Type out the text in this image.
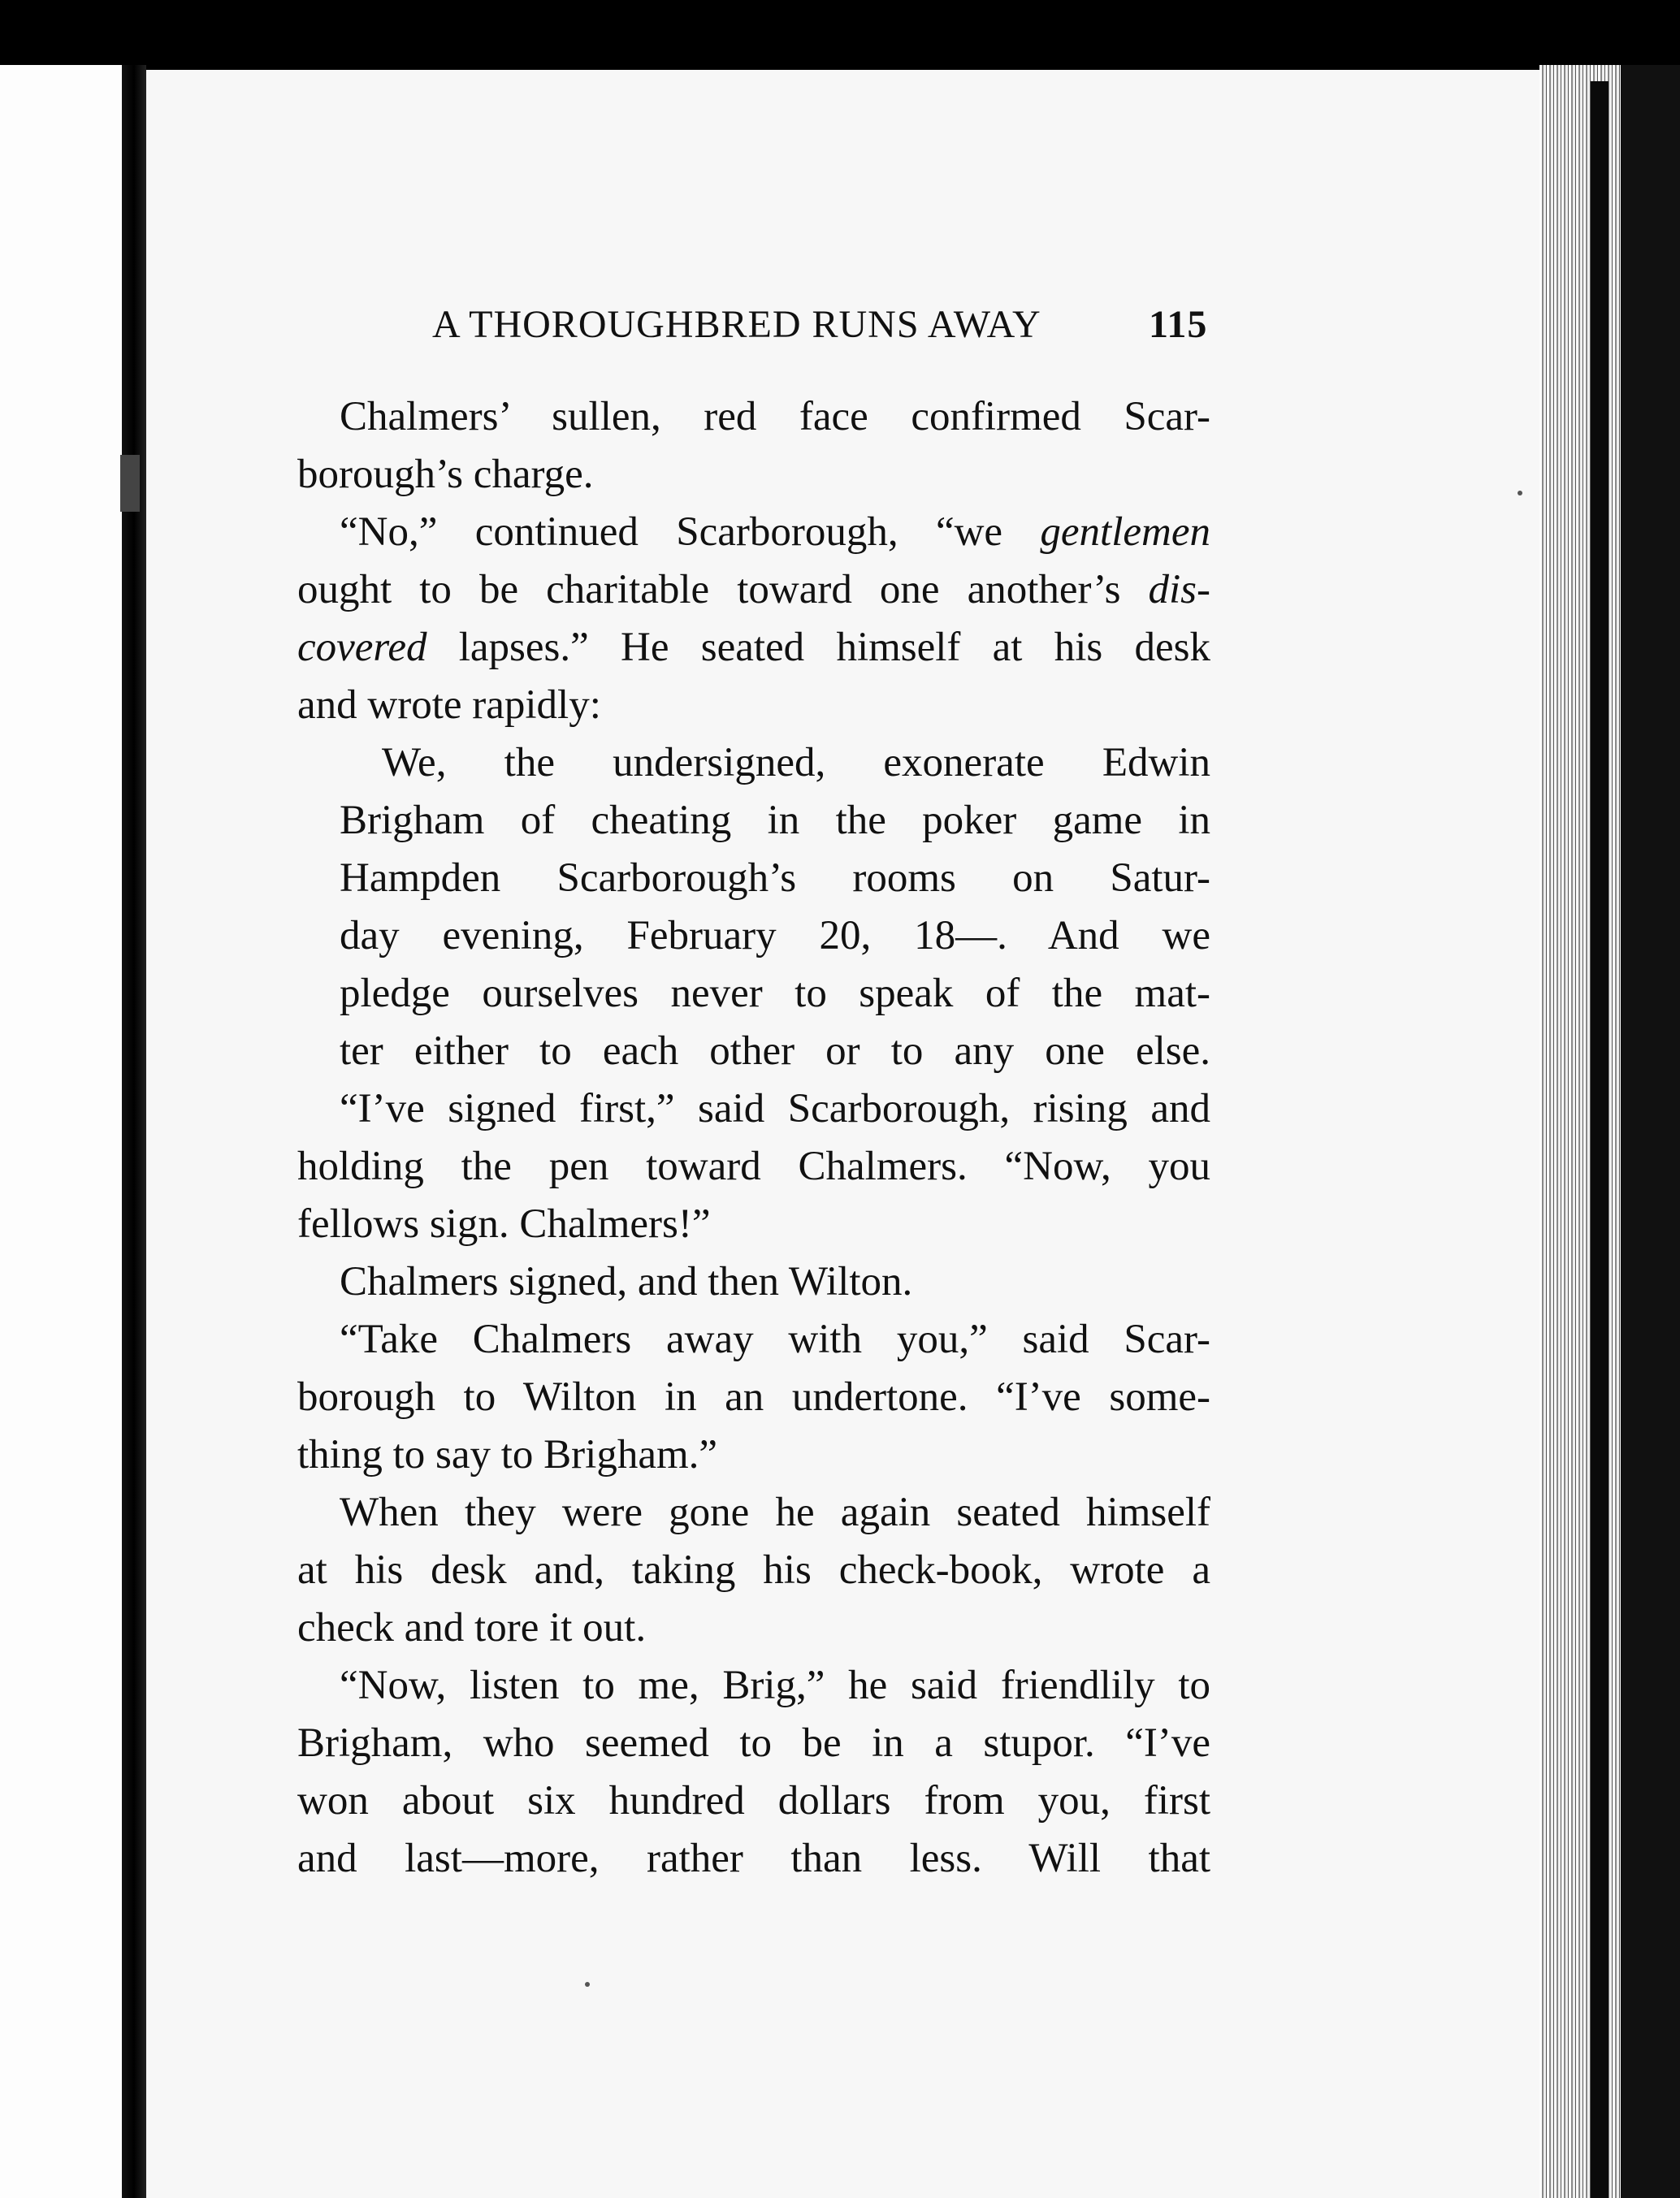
A THOROUGHBRED RUNS AWAY	115

Chalmers’ sullen, red face confirmed Scar-

borough’s charge.

“No,” continued Scarborough, “we gentlemen

ought to be charitable toward one another’s dis-

covered lapses.” He seated himself at his desk

and wrote rapidly:

We, the undersigned, exonerate Edwin

Brigham of cheating in the poker game in

Hampden Scarborough’s rooms on Satur-

day evening, February 20, 18—. And we

pledge ourselves never to speak of the mat-

ter either to each other or to any one else.

“I’ve signed first,” said Scarborough, rising and

holding the pen toward Chalmers. “Now, you

fellows sign. Chalmers!”

Chalmers signed, and then Wilton.

“Take Chalmers away with you,” said Scar-

borough to Wilton in an undertone. “I’ve some-

thing to say to Brigham.”

When they were gone he again seated himself

at his desk and, taking his check-book, wrote a

check and tore it out.

“Now, listen to me, Brig,” he said friendlily to

Brigham, who seemed to be in a stupor. “I’ve

won about six hundred dollars from you, first

and last—more, rather than less. Will that
